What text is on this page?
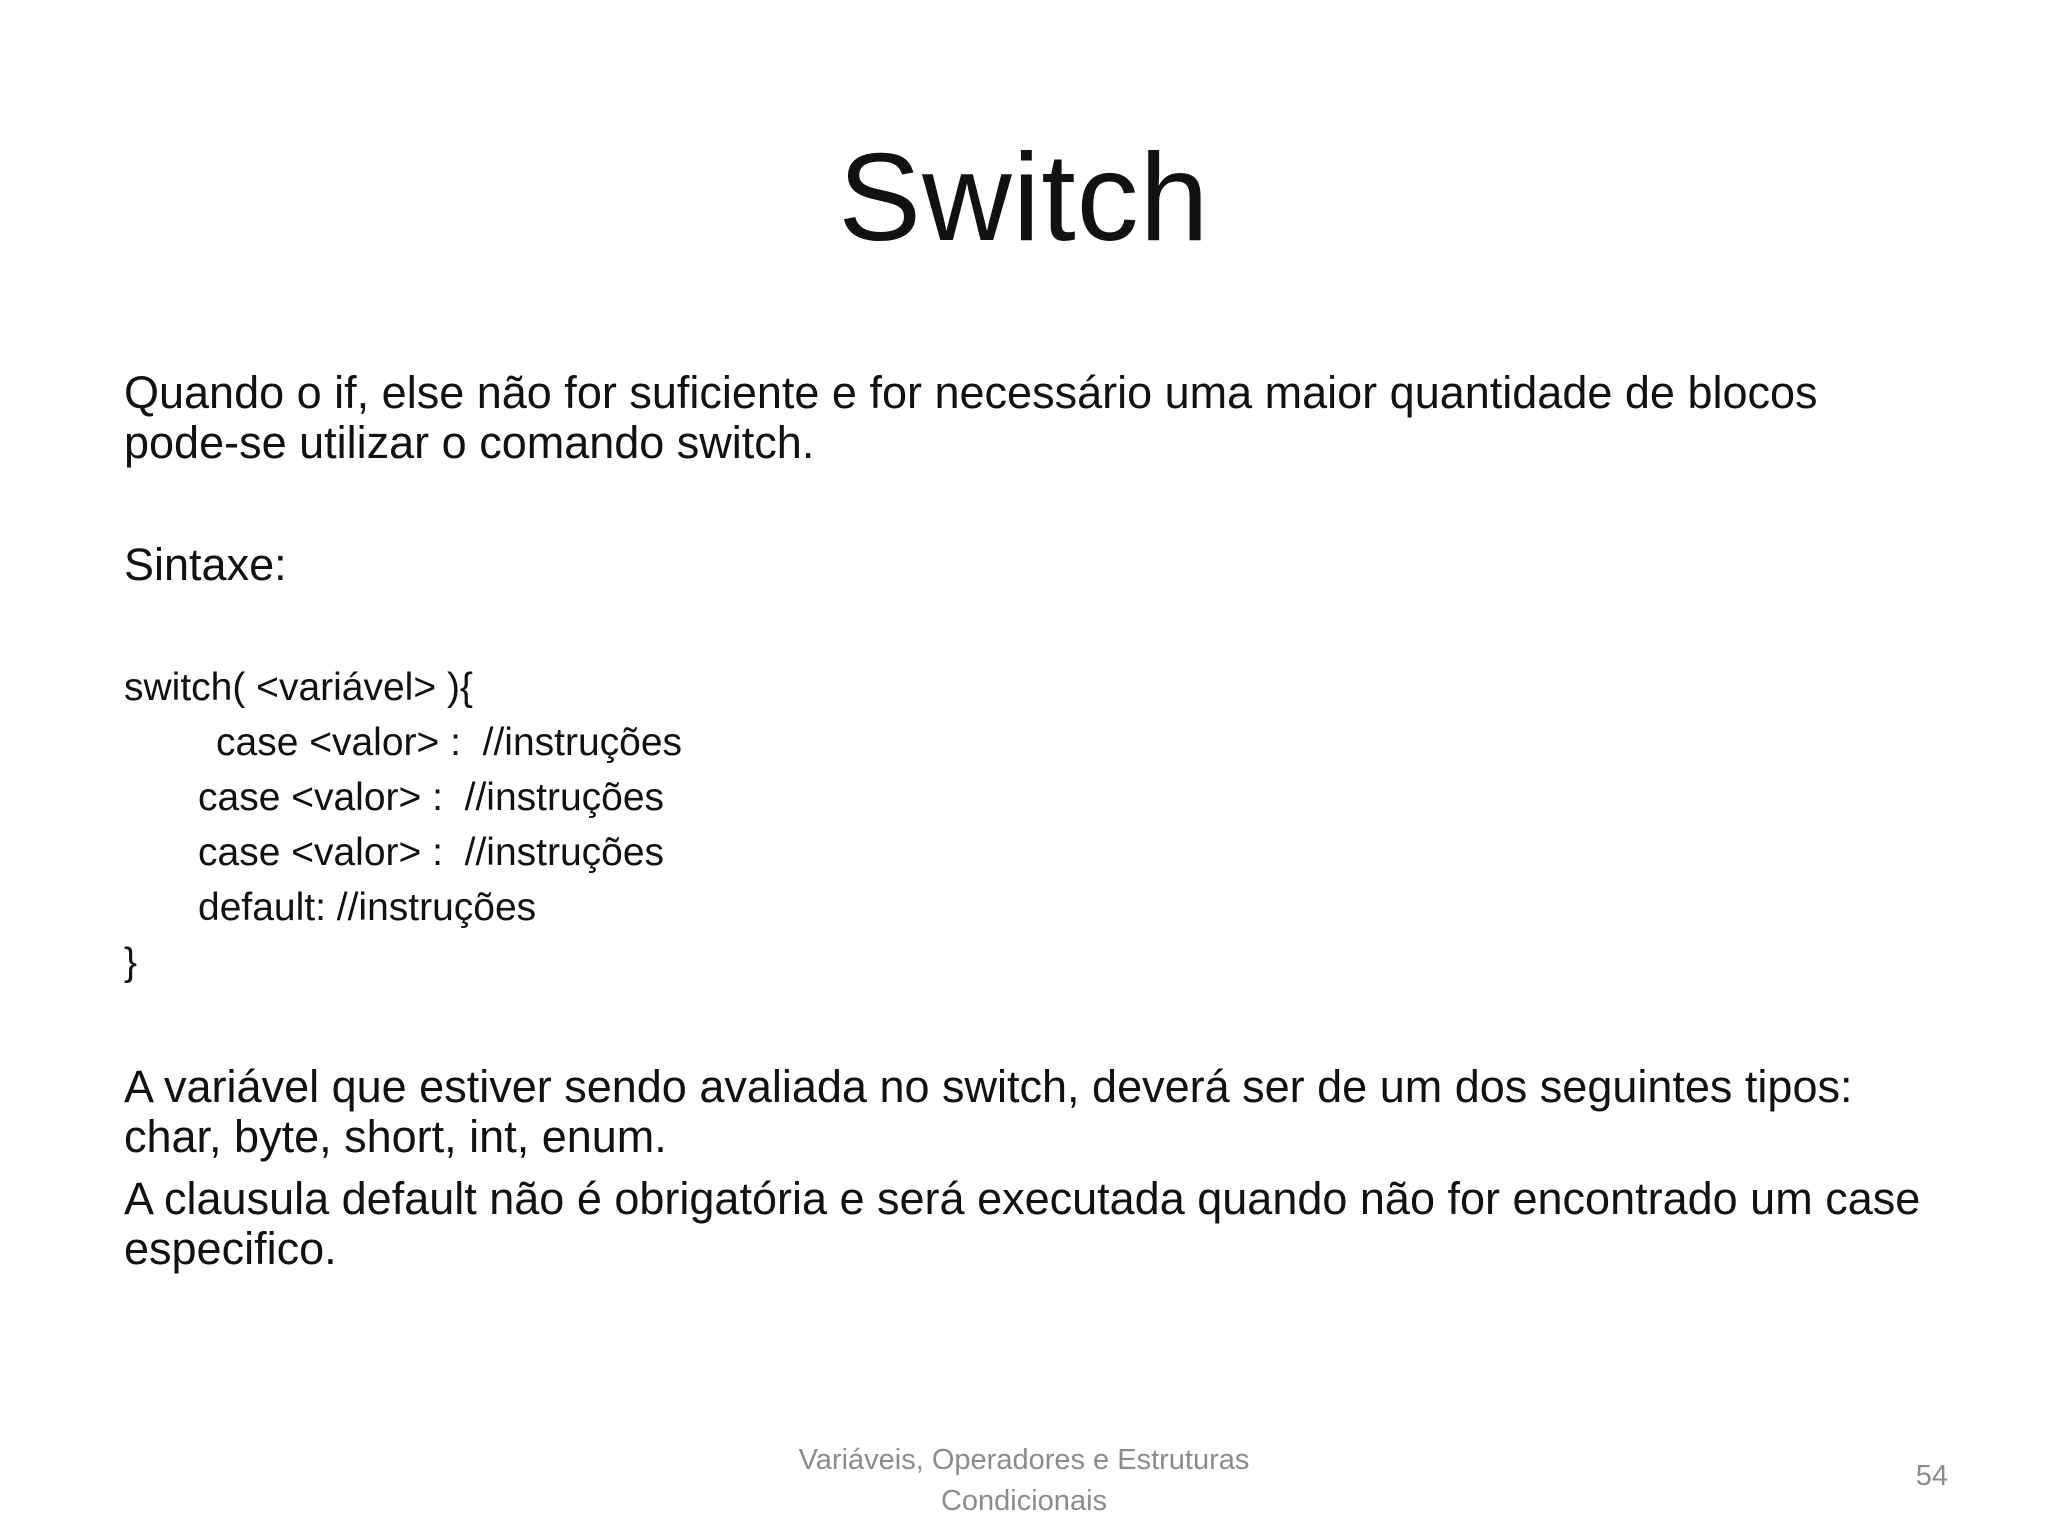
Switch
Quando o if, else não for suficiente e for necessário uma maior quantidade de blocos pode-se utilizar o comando switch.
Sintaxe:
switch( <variável> ){
case <valor> :  //instruções
case <valor> :  //instruções
case <valor> :  //instruções
default: //instruções
}

A variável que estiver sendo avaliada no switch, deverá ser de um dos seguintes tipos: char, byte, short, int, enum.

A clausula default não é obrigatória e será executada quando não for encontrado um case especifico.

Variáveis, Operadores e Estruturas Condicionais
54
